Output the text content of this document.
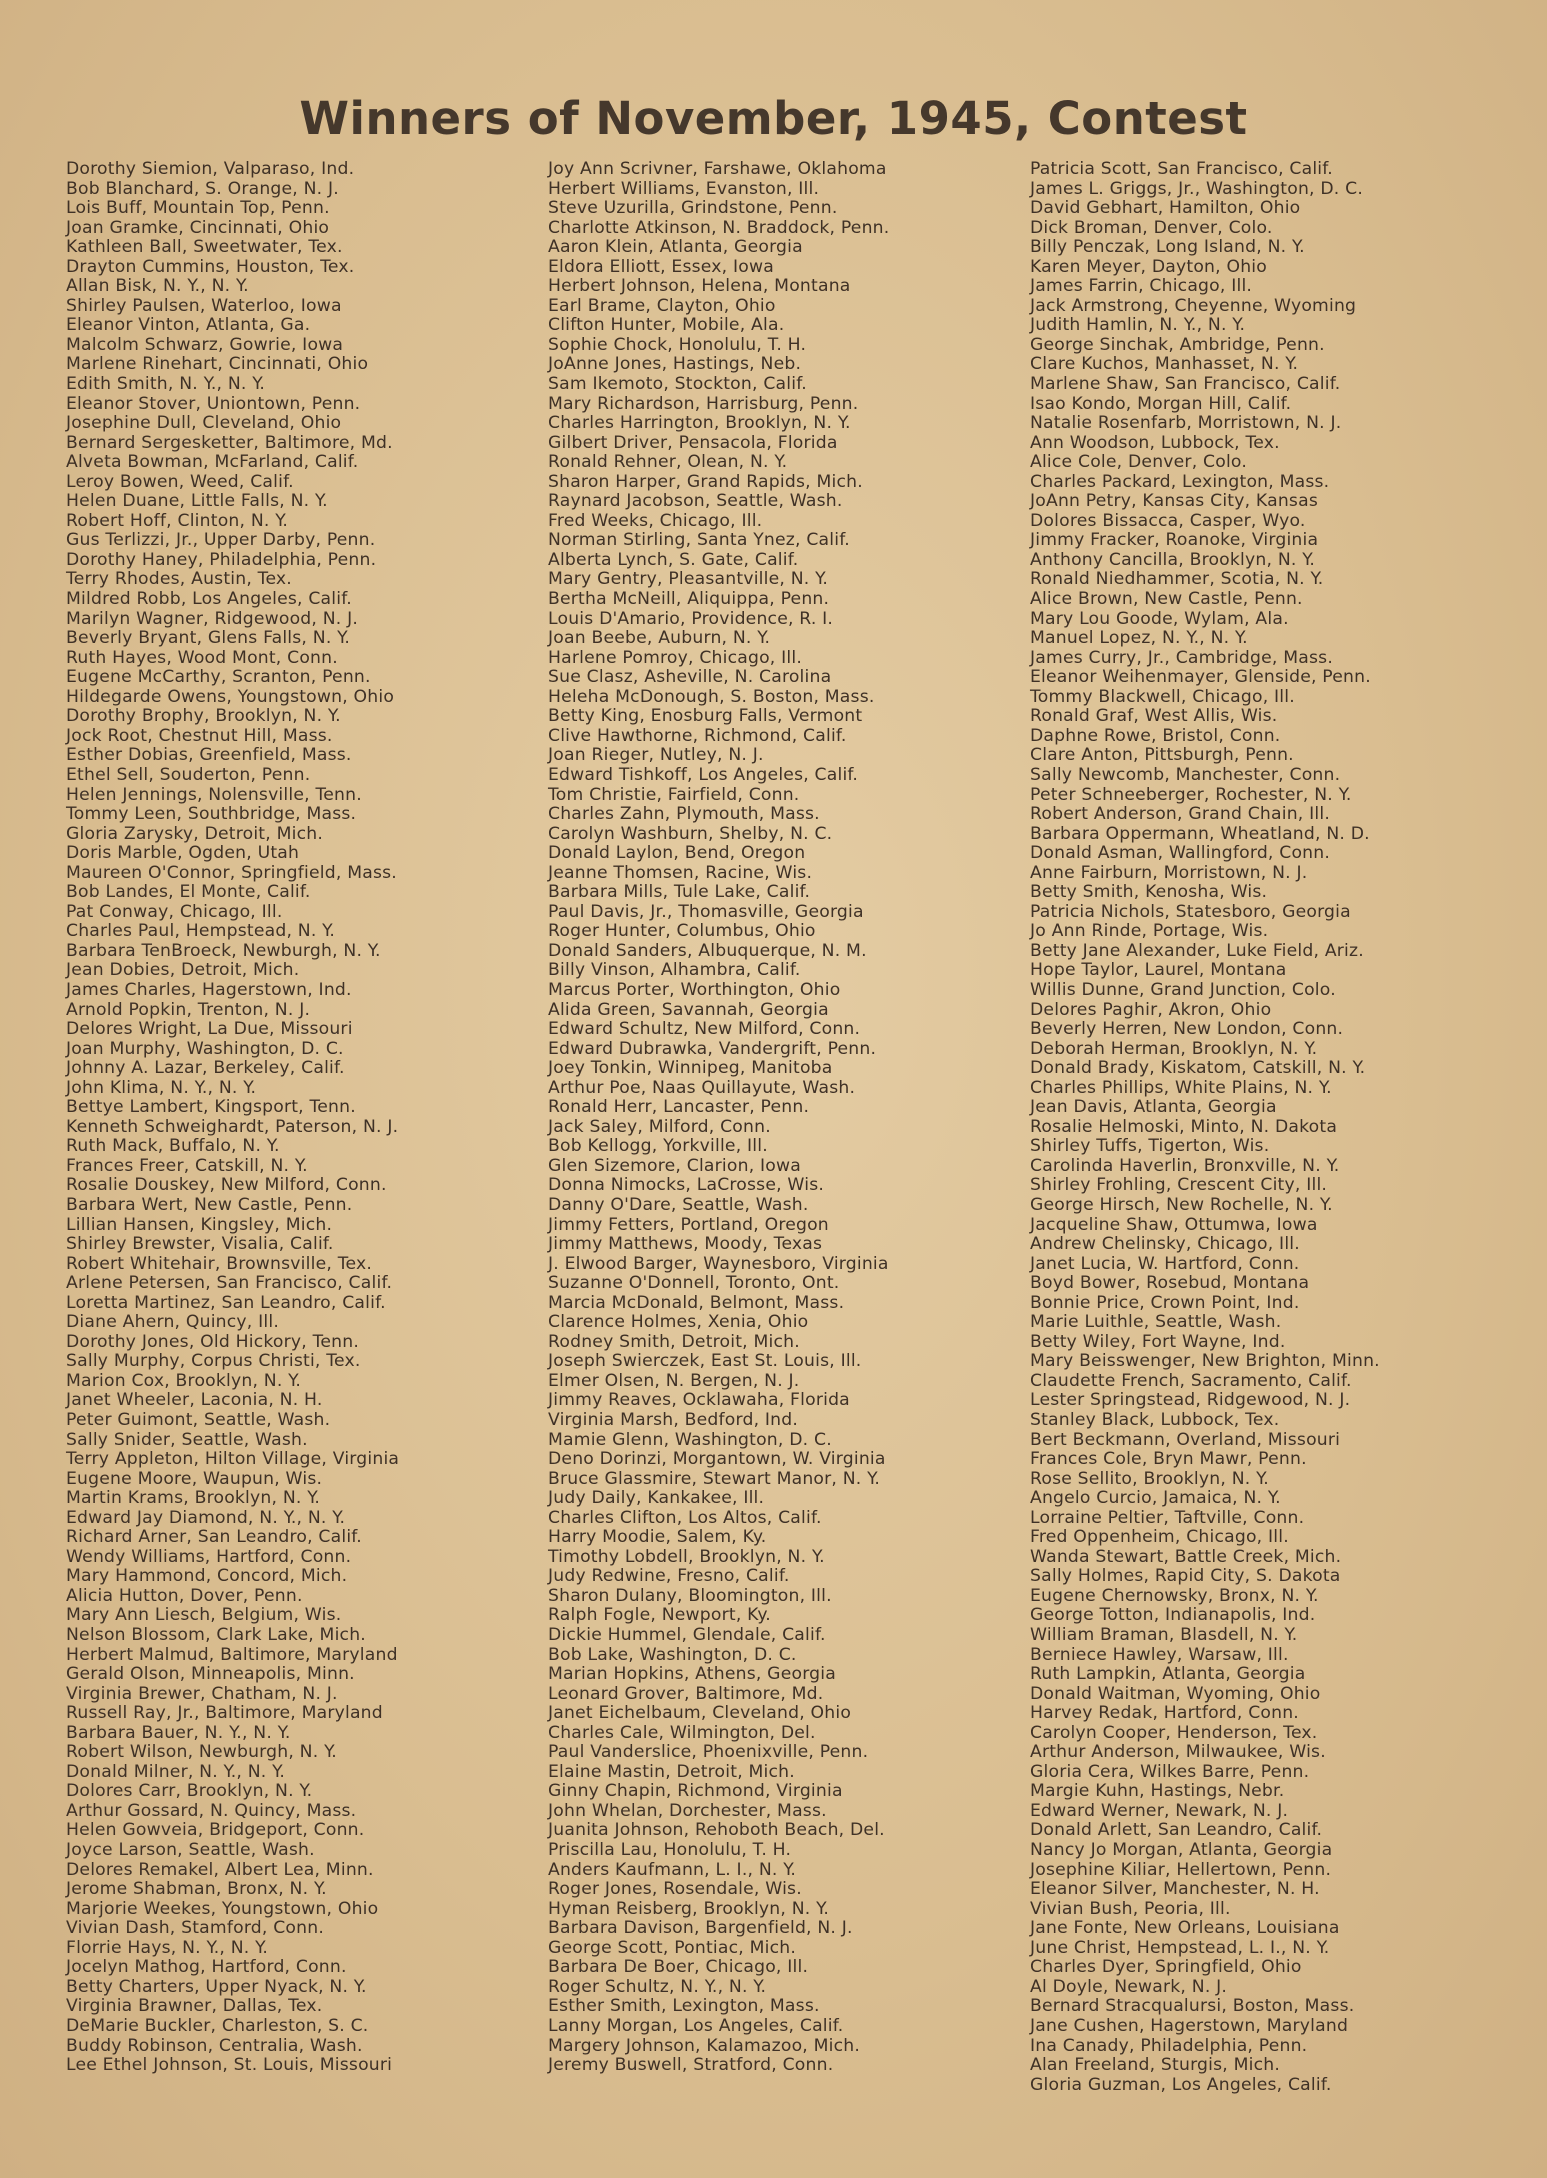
Winners of November, 1945, Contest
Dorothy Siemion, Valparaso, Ind.
Bob Blanchard, S. Orange, N. J.
Lois Buff, Mountain Top, Penn.
Joan Gramke, Cincinnati, Ohio
Kathleen Ball, Sweetwater, Tex.
Drayton Cummins, Houston, Tex.
Allan Bisk, N. Y., N. Y.
Shirley Paulsen, Waterloo, Iowa
Eleanor Vinton, Atlanta, Ga.
Malcolm Schwarz, Gowrie, Iowa
Marlene Rinehart, Cincinnati, Ohio
Edith Smith, N. Y., N. Y.
Eleanor Stover, Uniontown, Penn.
Josephine Dull, Cleveland, Ohio
Bernard Sergesketter, Baltimore, Md.
Alveta Bowman, McFarland, Calif.
Leroy Bowen, Weed, Calif.
Helen Duane, Little Falls, N. Y.
Robert Hoff, Clinton, N. Y.
Gus Terlizzi, Jr., Upper Darby, Penn.
Dorothy Haney, Philadelphia, Penn.
Terry Rhodes, Austin, Tex.
Mildred Robb, Los Angeles, Calif.
Marilyn Wagner, Ridgewood, N. J.
Beverly Bryant, Glens Falls, N. Y.
Ruth Hayes, Wood Mont, Conn.
Eugene McCarthy, Scranton, Penn.
Hildegarde Owens, Youngstown, Ohio
Dorothy Brophy, Brooklyn, N. Y.
Jock Root, Chestnut Hill, Mass.
Esther Dobias, Greenfield, Mass.
Ethel Sell, Souderton, Penn.
Helen Jennings, Nolensville, Tenn.
Tommy Leen, Southbridge, Mass.
Gloria Zarysky, Detroit, Mich.
Doris Marble, Ogden, Utah
Maureen O'Connor, Springfield, Mass.
Bob Landes, El Monte, Calif.
Pat Conway, Chicago, Ill.
Charles Paul, Hempstead, N. Y.
Barbara TenBroeck, Newburgh, N. Y.
Jean Dobies, Detroit, Mich.
James Charles, Hagerstown, Ind.
Arnold Popkin, Trenton, N. J.
Delores Wright, La Due, Missouri
Joan Murphy, Washington, D. C.
Johnny A. Lazar, Berkeley, Calif.
John Klima, N. Y., N. Y.
Bettye Lambert, Kingsport, Tenn.
Kenneth Schweighardt, Paterson, N. J.
Ruth Mack, Buffalo, N. Y.
Frances Freer, Catskill, N. Y.
Rosalie Douskey, New Milford, Conn.
Barbara Wert, New Castle, Penn.
Lillian Hansen, Kingsley, Mich.
Shirley Brewster, Visalia, Calif.
Robert Whitehair, Brownsville, Tex.
Arlene Petersen, San Francisco, Calif.
Loretta Martinez, San Leandro, Calif.
Diane Ahern, Quincy, Ill.
Dorothy Jones, Old Hickory, Tenn.
Sally Murphy, Corpus Christi, Tex.
Marion Cox, Brooklyn, N. Y.
Janet Wheeler, Laconia, N. H.
Peter Guimont, Seattle, Wash.
Sally Snider, Seattle, Wash.
Terry Appleton, Hilton Village, Virginia
Eugene Moore, Waupun, Wis.
Martin Krams, Brooklyn, N. Y.
Edward Jay Diamond, N. Y., N. Y.
Richard Arner, San Leandro, Calif.
Wendy Williams, Hartford, Conn.
Mary Hammond, Concord, Mich.
Alicia Hutton, Dover, Penn.
Mary Ann Liesch, Belgium, Wis.
Nelson Blossom, Clark Lake, Mich.
Herbert Malmud, Baltimore, Maryland
Gerald Olson, Minneapolis, Minn.
Virginia Brewer, Chatham, N. J.
Russell Ray, Jr., Baltimore, Maryland
Barbara Bauer, N. Y., N. Y.
Robert Wilson, Newburgh, N. Y.
Donald Milner, N. Y., N. Y.
Dolores Carr, Brooklyn, N. Y.
Arthur Gossard, N. Quincy, Mass.
Helen Gowveia, Bridgeport, Conn.
Joyce Larson, Seattle, Wash.
Delores Remakel, Albert Lea, Minn.
Jerome Shabman, Bronx, N. Y.
Marjorie Weekes, Youngstown, Ohio
Vivian Dash, Stamford, Conn.
Florrie Hays, N. Y., N. Y.
Jocelyn Mathog, Hartford, Conn.
Betty Charters, Upper Nyack, N. Y.
Virginia Brawner, Dallas, Tex.
DeMarie Buckler, Charleston, S. C.
Buddy Robinson, Centralia, Wash.
Lee Ethel Johnson, St. Louis, Missouri
Joy Ann Scrivner, Farshawe, Oklahoma
Herbert Williams, Evanston, Ill.
Steve Uzurilla, Grindstone, Penn.
Charlotte Atkinson, N. Braddock, Penn.
Aaron Klein, Atlanta, Georgia
Eldora Elliott, Essex, Iowa
Herbert Johnson, Helena, Montana
Earl Brame, Clayton, Ohio
Clifton Hunter, Mobile, Ala.
Sophie Chock, Honolulu, T. H.
JoAnne Jones, Hastings, Neb.
Sam Ikemoto, Stockton, Calif.
Mary Richardson, Harrisburg, Penn.
Charles Harrington, Brooklyn, N. Y.
Gilbert Driver, Pensacola, Florida
Ronald Rehner, Olean, N. Y.
Sharon Harper, Grand Rapids, Mich.
Raynard Jacobson, Seattle, Wash.
Fred Weeks, Chicago, Ill.
Norman Stirling, Santa Ynez, Calif.
Alberta Lynch, S. Gate, Calif.
Mary Gentry, Pleasantville, N. Y.
Bertha McNeill, Aliquippa, Penn.
Louis D'Amario, Providence, R. I.
Joan Beebe, Auburn, N. Y.
Harlene Pomroy, Chicago, Ill.
Sue Clasz, Asheville, N. Carolina
Heleha McDonough, S. Boston, Mass.
Betty King, Enosburg Falls, Vermont
Clive Hawthorne, Richmond, Calif.
Joan Rieger, Nutley, N. J.
Edward Tishkoff, Los Angeles, Calif.
Tom Christie, Fairfield, Conn.
Charles Zahn, Plymouth, Mass.
Carolyn Washburn, Shelby, N. C.
Donald Laylon, Bend, Oregon
Jeanne Thomsen, Racine, Wis.
Barbara Mills, Tule Lake, Calif.
Paul Davis, Jr., Thomasville, Georgia
Roger Hunter, Columbus, Ohio
Donald Sanders, Albuquerque, N. M.
Billy Vinson, Alhambra, Calif.
Marcus Porter, Worthington, Ohio
Alida Green, Savannah, Georgia
Edward Schultz, New Milford, Conn.
Edward Dubrawka, Vandergrift, Penn.
Joey Tonkin, Winnipeg, Manitoba
Arthur Poe, Naas Quillayute, Wash.
Ronald Herr, Lancaster, Penn.
Jack Saley, Milford, Conn.
Bob Kellogg, Yorkville, Ill.
Glen Sizemore, Clarion, Iowa
Donna Nimocks, LaCrosse, Wis.
Danny O'Dare, Seattle, Wash.
Jimmy Fetters, Portland, Oregon
Jimmy Matthews, Moody, Texas
J. Elwood Barger, Waynesboro, Virginia
Suzanne O'Donnell, Toronto, Ont.
Marcia McDonald, Belmont, Mass.
Clarence Holmes, Xenia, Ohio
Rodney Smith, Detroit, Mich.
Joseph Swierczek, East St. Louis, Ill.
Elmer Olsen, N. Bergen, N. J.
Jimmy Reaves, Ocklawaha, Florida
Virginia Marsh, Bedford, Ind.
Mamie Glenn, Washington, D. C.
Deno Dorinzi, Morgantown, W. Virginia
Bruce Glassmire, Stewart Manor, N. Y.
Judy Daily, Kankakee, Ill.
Charles Clifton, Los Altos, Calif.
Harry Moodie, Salem, Ky.
Timothy Lobdell, Brooklyn, N. Y.
Judy Redwine, Fresno, Calif.
Sharon Dulany, Bloomington, Ill.
Ralph Fogle, Newport, Ky.
Dickie Hummel, Glendale, Calif.
Bob Lake, Washington, D. C.
Marian Hopkins, Athens, Georgia
Leonard Grover, Baltimore, Md.
Janet Eichelbaum, Cleveland, Ohio
Charles Cale, Wilmington, Del.
Paul Vanderslice, Phoenixville, Penn.
Elaine Mastin, Detroit, Mich.
Ginny Chapin, Richmond, Virginia
John Whelan, Dorchester, Mass.
Juanita Johnson, Rehoboth Beach, Del.
Priscilla Lau, Honolulu, T. H.
Anders Kaufmann, L. I., N. Y.
Roger Jones, Rosendale, Wis.
Hyman Reisberg, Brooklyn, N. Y.
Barbara Davison, Bargenfield, N. J.
George Scott, Pontiac, Mich.
Barbara De Boer, Chicago, Ill.
Roger Schultz, N. Y., N. Y.
Esther Smith, Lexington, Mass.
Lanny Morgan, Los Angeles, Calif.
Margery Johnson, Kalamazoo, Mich.
Jeremy Buswell, Stratford, Conn.
Patricia Scott, San Francisco, Calif.
James L. Griggs, Jr., Washington, D. C.
David Gebhart, Hamilton, Ohio
Dick Broman, Denver, Colo.
Billy Penczak, Long Island, N. Y.
Karen Meyer, Dayton, Ohio
James Farrin, Chicago, Ill.
Jack Armstrong, Cheyenne, Wyoming
Judith Hamlin, N. Y., N. Y.
George Sinchak, Ambridge, Penn.
Clare Kuchos, Manhasset, N. Y.
Marlene Shaw, San Francisco, Calif.
Isao Kondo, Morgan Hill, Calif.
Natalie Rosenfarb, Morristown, N. J.
Ann Woodson, Lubbock, Tex.
Alice Cole, Denver, Colo.
Charles Packard, Lexington, Mass.
JoAnn Petry, Kansas City, Kansas
Dolores Bissacca, Casper, Wyo.
Jimmy Fracker, Roanoke, Virginia
Anthony Cancilla, Brooklyn, N. Y.
Ronald Niedhammer, Scotia, N. Y.
Alice Brown, New Castle, Penn.
Mary Lou Goode, Wylam, Ala.
Manuel Lopez, N. Y., N. Y.
James Curry, Jr., Cambridge, Mass.
Eleanor Weihenmayer, Glenside, Penn.
Tommy Blackwell, Chicago, Ill.
Ronald Graf, West Allis, Wis.
Daphne Rowe, Bristol, Conn.
Clare Anton, Pittsburgh, Penn.
Sally Newcomb, Manchester, Conn.
Peter Schneeberger, Rochester, N. Y.
Robert Anderson, Grand Chain, Ill.
Barbara Oppermann, Wheatland, N. D.
Donald Asman, Wallingford, Conn.
Anne Fairburn, Morristown, N. J.
Betty Smith, Kenosha, Wis.
Patricia Nichols, Statesboro, Georgia
Jo Ann Rinde, Portage, Wis.
Betty Jane Alexander, Luke Field, Ariz.
Hope Taylor, Laurel, Montana
Willis Dunne, Grand Junction, Colo.
Delores Paghir, Akron, Ohio
Beverly Herren, New London, Conn.
Deborah Herman, Brooklyn, N. Y.
Donald Brady, Kiskatom, Catskill, N. Y.
Charles Phillips, White Plains, N. Y.
Jean Davis, Atlanta, Georgia
Rosalie Helmoski, Minto, N. Dakota
Shirley Tuffs, Tigerton, Wis.
Carolinda Haverlin, Bronxville, N. Y.
Shirley Frohling, Crescent City, Ill.
George Hirsch, New Rochelle, N. Y.
Jacqueline Shaw, Ottumwa, Iowa
Andrew Chelinsky, Chicago, Ill.
Janet Lucia, W. Hartford, Conn.
Boyd Bower, Rosebud, Montana
Bonnie Price, Crown Point, Ind.
Marie Luithle, Seattle, Wash.
Betty Wiley, Fort Wayne, Ind.
Mary Beisswenger, New Brighton, Minn.
Claudette French, Sacramento, Calif.
Lester Springstead, Ridgewood, N. J.
Stanley Black, Lubbock, Tex.
Bert Beckmann, Overland, Missouri
Frances Cole, Bryn Mawr, Penn.
Rose Sellito, Brooklyn, N. Y.
Angelo Curcio, Jamaica, N. Y.
Lorraine Peltier, Taftville, Conn.
Fred Oppenheim, Chicago, Ill.
Wanda Stewart, Battle Creek, Mich.
Sally Holmes, Rapid City, S. Dakota
Eugene Chernowsky, Bronx, N. Y.
George Totton, Indianapolis, Ind.
William Braman, Blasdell, N. Y.
Berniece Hawley, Warsaw, Ill.
Ruth Lampkin, Atlanta, Georgia
Donald Waitman, Wyoming, Ohio
Harvey Redak, Hartford, Conn.
Carolyn Cooper, Henderson, Tex.
Arthur Anderson, Milwaukee, Wis.
Gloria Cera, Wilkes Barre, Penn.
Margie Kuhn, Hastings, Nebr.
Edward Werner, Newark, N. J.
Donald Arlett, San Leandro, Calif.
Nancy Jo Morgan, Atlanta, Georgia
Josephine Kiliar, Hellertown, Penn.
Eleanor Silver, Manchester, N. H.
Vivian Bush, Peoria, Ill.
Jane Fonte, New Orleans, Louisiana
June Christ, Hempstead, L. I., N. Y.
Charles Dyer, Springfield, Ohio
Al Doyle, Newark, N. J.
Bernard Stracqualursi, Boston, Mass.
Jane Cushen, Hagerstown, Maryland
Ina Canady, Philadelphia, Penn.
Alan Freeland, Sturgis, Mich.
Gloria Guzman, Los Angeles, Calif.
